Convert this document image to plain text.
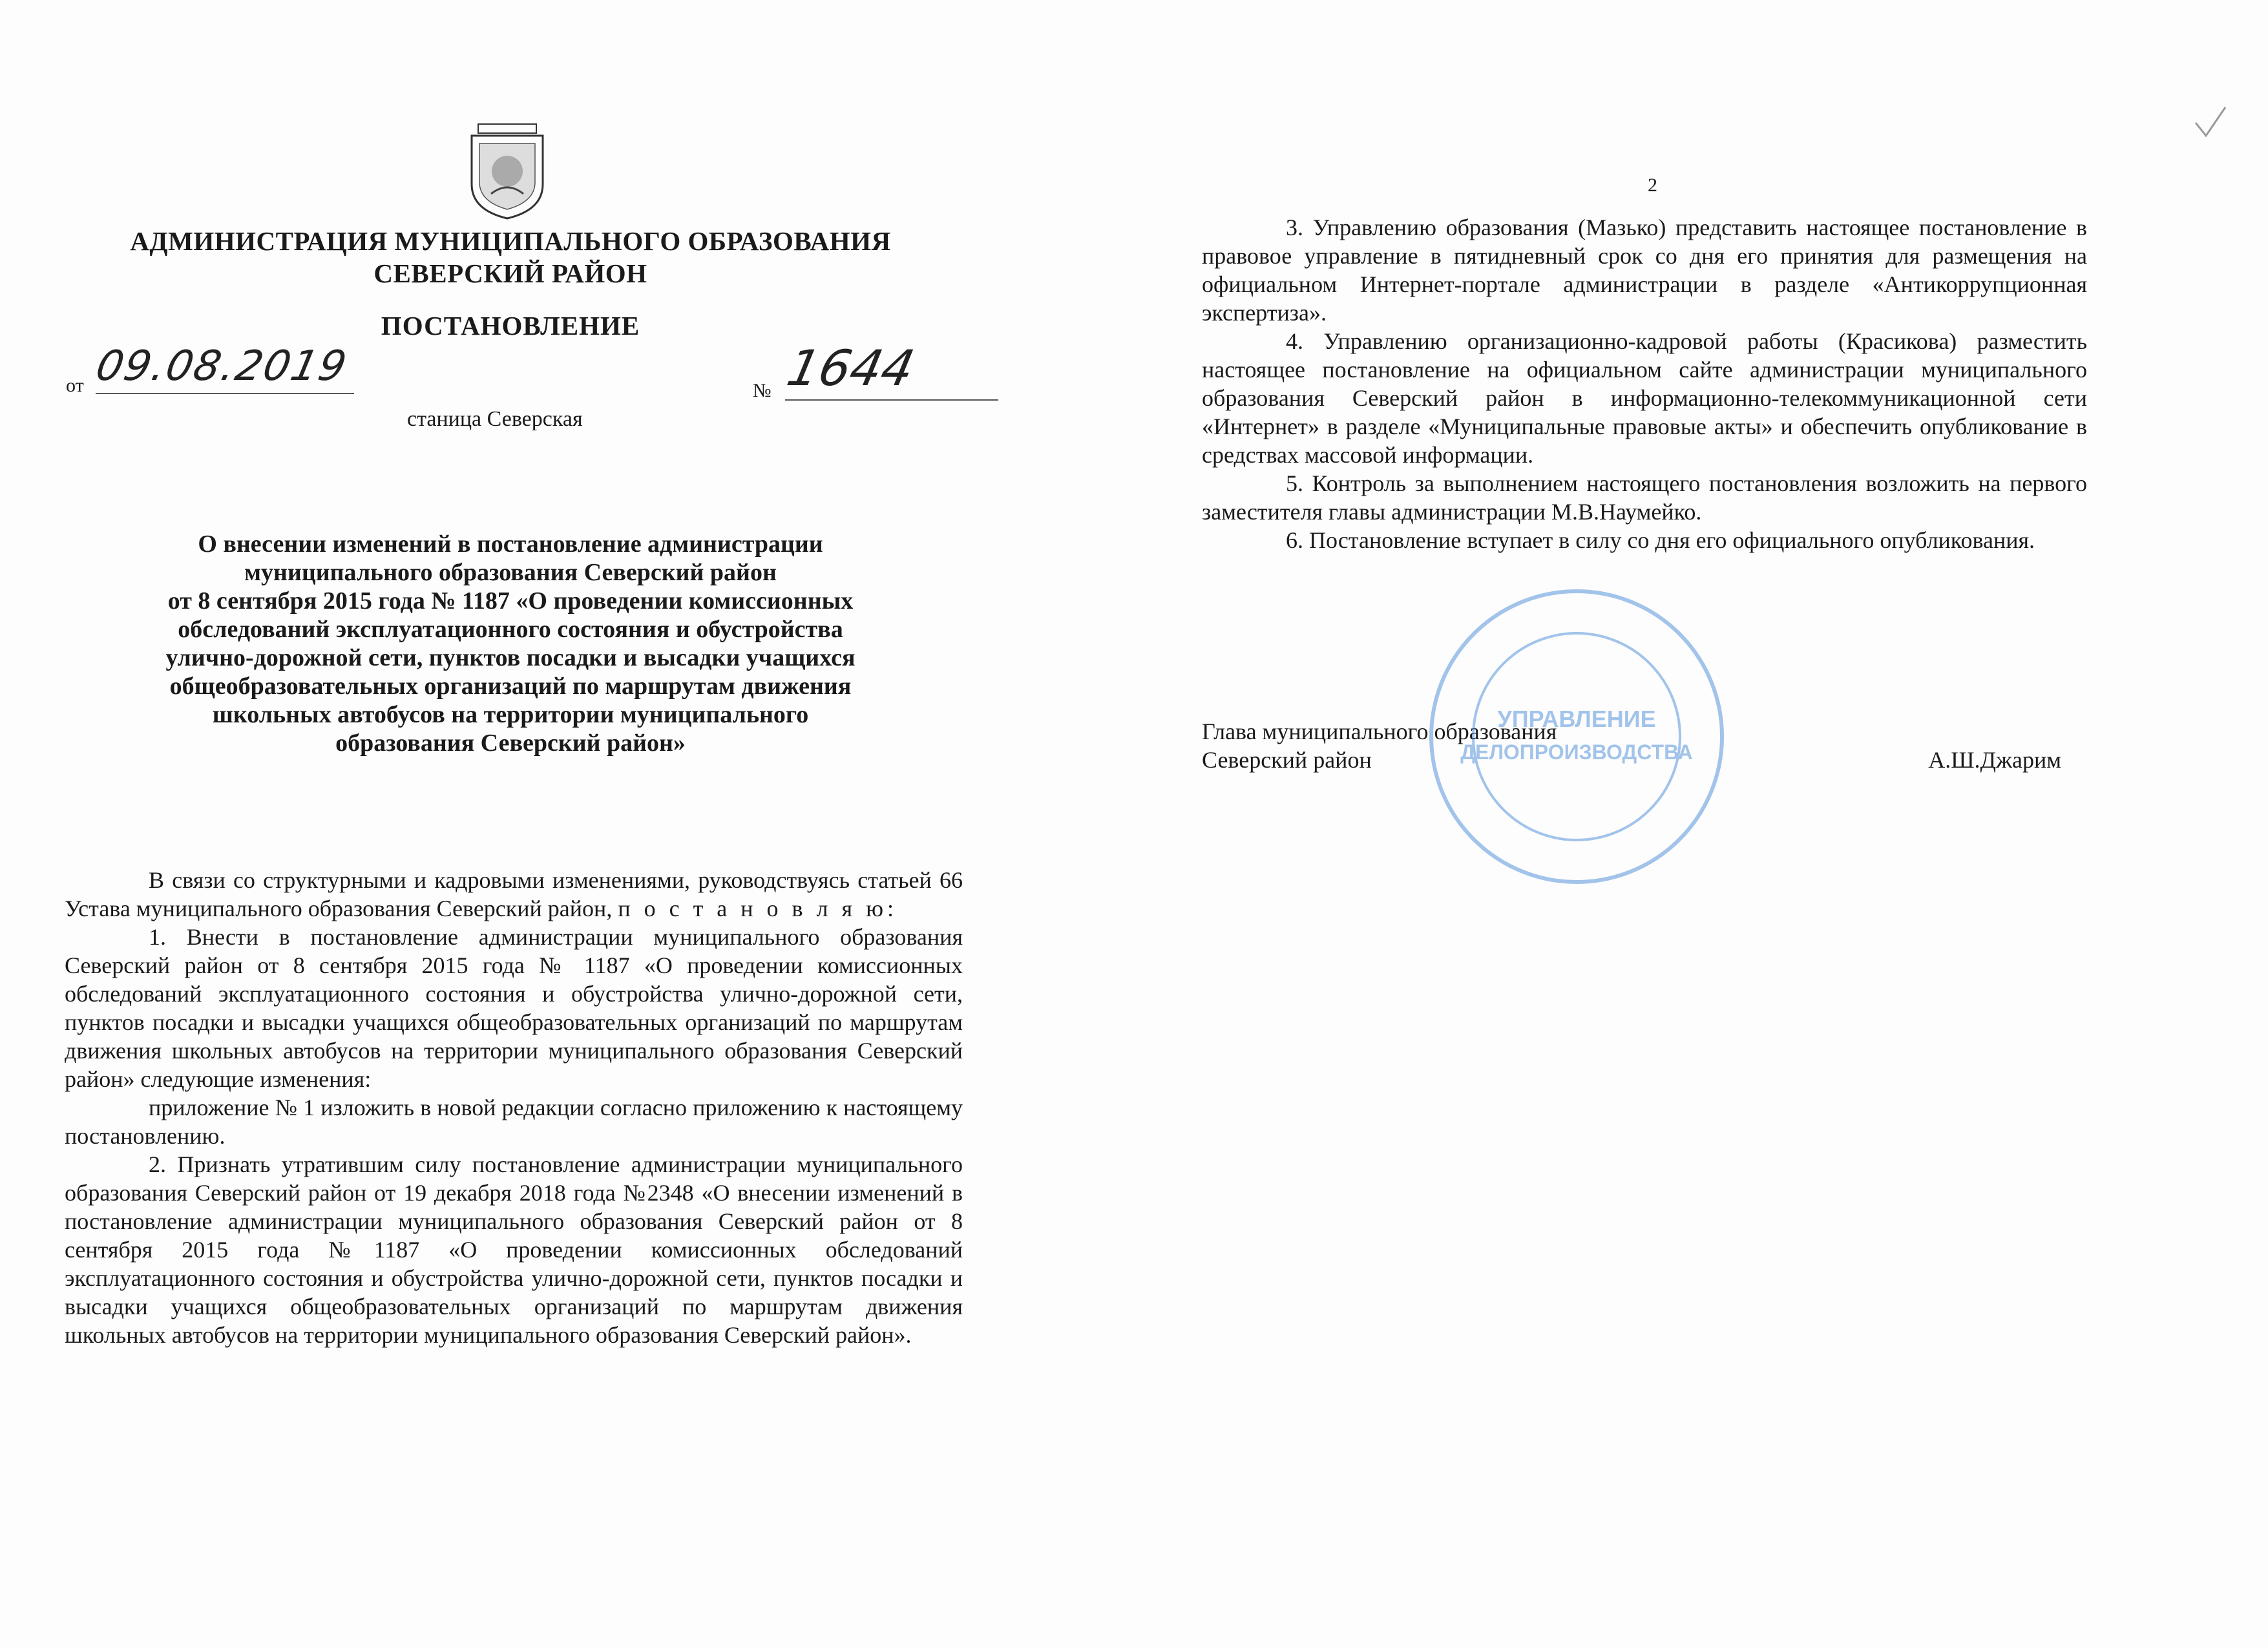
АДМИНИСТРАЦИЯ МУНИЦИПАЛЬНОГО ОБРАЗОВАНИЯ
СЕВЕРСКИЙ РАЙОН
ПОСТАНОВЛЕНИЕ
от 09.08.2019
№ 1644
станица Северская
О внесении изменений в постановление администрации
муниципального образования Северский район
от 8 сентября 2015 года № 1187 «О проведении комиссионных
обследований эксплуатационного состояния и обустройства
улично-дорожной сети, пунктов посадки и высадки учащихся
общеобразовательных организаций по маршрутам движения
школьных автобусов на территории муниципального
образования Северский район»

В связи со структурными и кадровыми изменениями, руководствуясь статьей 66 Устава муниципального образования Северский район, п о с т а н о в л я ю:

1. Внести в постановление администрации муниципального образования Северский район от 8 сентября 2015 года № 1187 «О проведении комиссионных обследований эксплуатационного состояния и обустройства улично-дорожной сети, пунктов посадки и высадки учащихся общеобразовательных организаций по маршрутам движения школьных автобусов на территории муниципального образования Северский район» следующие изменения:

приложение № 1 изложить в новой редакции согласно приложению к настоящему постановлению.

2. Признать утратившим силу постановление администрации муниципального образования Северский район от 19 декабря 2018 года №2348 «О внесении изменений в постановление администрации муниципального образования Северский район от 8 сентября 2015 года №1187 «О проведении комиссионных обследований эксплуатационного состояния и обустройства улично-дорожной сети, пунктов посадки и высадки учащихся общеобразовательных организаций по маршрутам движения школьных автобусов на территории муниципального образования Северский район».

2

3. Управлению образования (Мазько) представить настоящее постановление в правовое управление в пятидневный срок со дня его принятия для размещения на официальном Интернет-портале администрации в разделе «Антикоррупционная экспертиза».

4. Управлению организационно-кадровой работы (Красикова) разместить настоящее постановление на официальном сайте администрации муниципального образования Северский район в информационно-телекоммуникационной сети «Интернет» в разделе «Муниципальные правовые акты» и обеспечить опубликование в средствах массовой информации.

5. Контроль за выполнением настоящего постановления возложить на первого заместителя главы администрации М.В.Наумейко.

6. Постановление вступает в силу со дня его официального опубликования.

Глава муниципального образования
Северский район	А.Ш.Джарим
УПРАВЛЕНИЕ
ДЕЛОПРОИЗВОДСТВА
